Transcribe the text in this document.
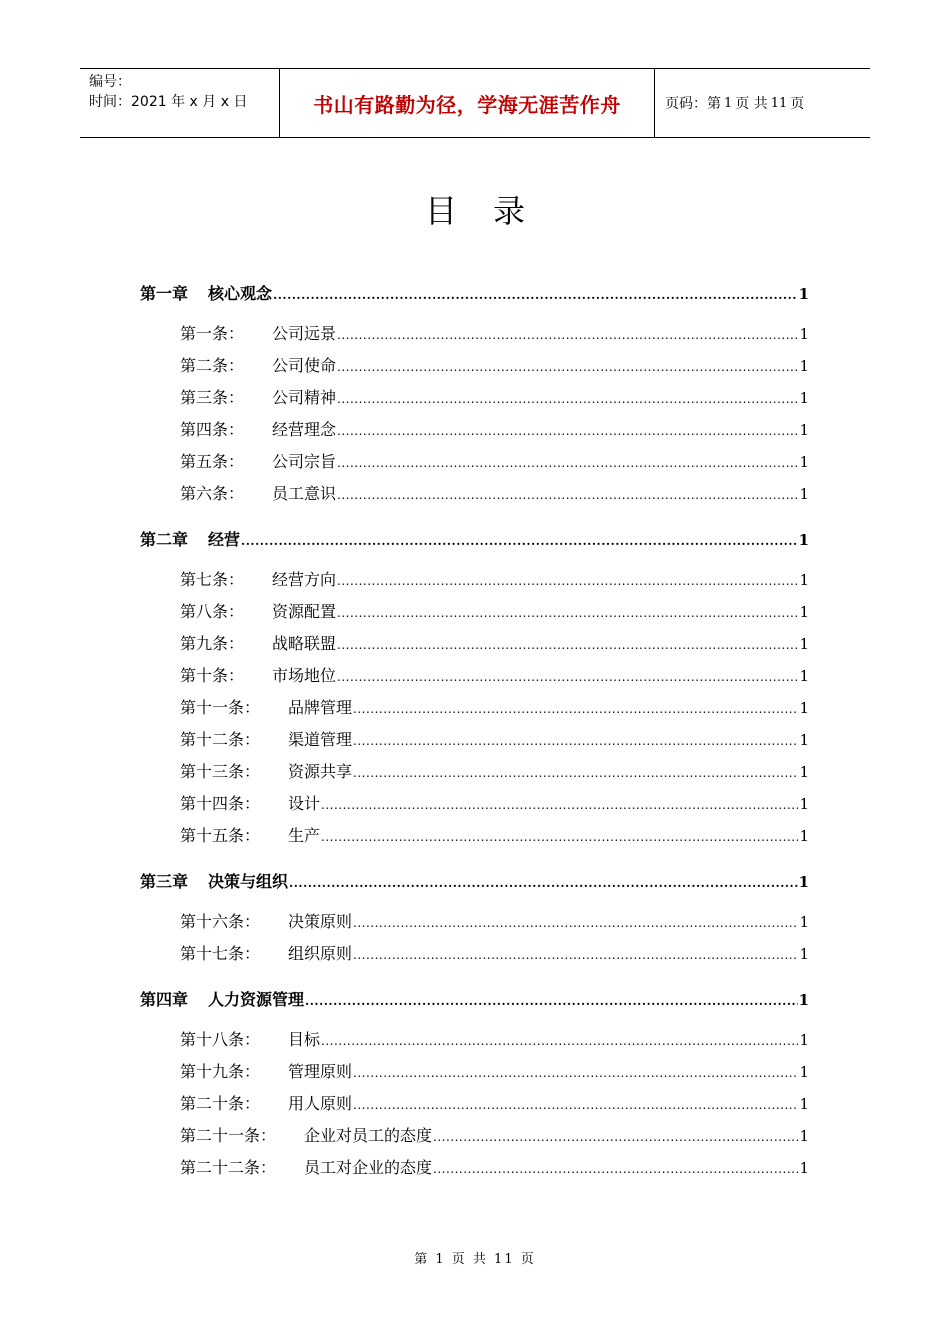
编号：
时间：2021 年 x 月 x 日	书山有路勤为径，学海无涯苦作舟	页码：第 1 页 共 11 页
目录
第一章 核心观念 .....	1
第一条： 公司远景 .....	1
第二条： 公司使命 .....	1
第三条： 公司精神 .....	1
第四条： 经营理念 .....	1
第五条： 公司宗旨 .....	1
第六条： 员工意识 .....	1
第二章 经营 .....	1
第七条： 经营方向 .....	1
第八条： 资源配置 .....	1
第九条： 战略联盟 .....	1
第十条： 市场地位 .....	1
第十一条： 品牌管理 .....	1
第十二条： 渠道管理 .....	1
第十三条： 资源共享 .....	1
第十四条： 设计 .....	1
第十五条： 生产 .....	1
第三章 决策与组织 .....	1
第十六条： 决策原则 .....	1
第十七条： 组织原则 .....	1
第四章 人力资源管理 .....	1
第十八条： 目标 .....	1
第十九条： 管理原则 .....	1
第二十条： 用人原则 .....	1
第二十一条： 企业对员工的态度 .....	1
第二十二条： 员工对企业的态度 .....	1
第 1 页 共 11 页
